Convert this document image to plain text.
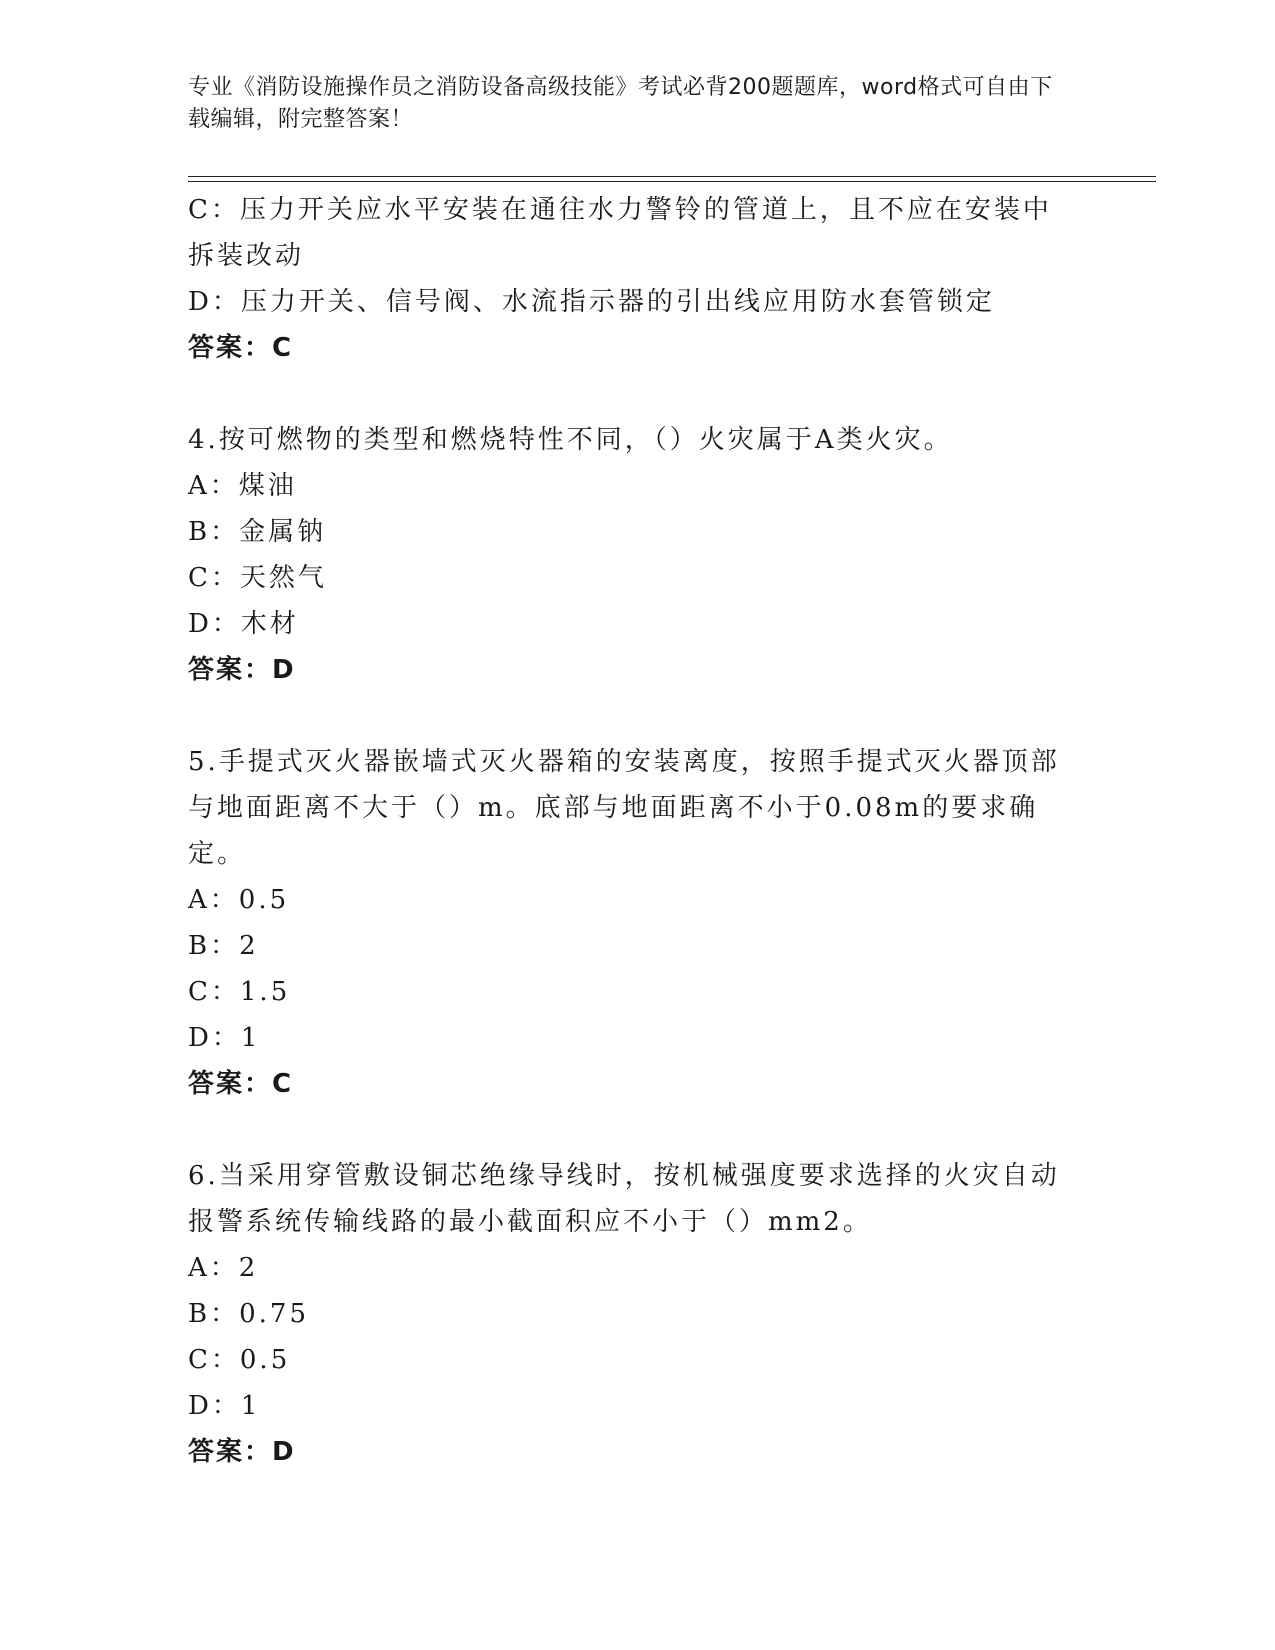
专业《消防设施操作员之消防设备高级技能》考试必背200题题库，word格式可自由下载编辑，附完整答案！
C：压力开关应水平安装在通往水力警铃的管道上，且不应在安装中拆装改动
D：压力开关、信号阀、水流指示器的引出线应用防水套管锁定
答案：C
4.按可燃物的类型和燃烧特性不同，（）火灾属于A类火灾。
A：煤油
B：金属钠
C：天然气
D：木材
答案：D
5.手提式灭火器嵌墙式灭火器箱的安装离度，按照手提式灭火器顶部与地面距离不大于（）m。底部与地面距离不小于0.08m的要求确定。
A：0.5
B：2
C：1.5
D：1
答案：C
6.当采用穿管敷设铜芯绝缘导线时，按机械强度要求选择的火灾自动报警系统传输线路的最小截面积应不小于（）mm2。
A：2
B：0.75
C：0.5
D：1
答案：D
